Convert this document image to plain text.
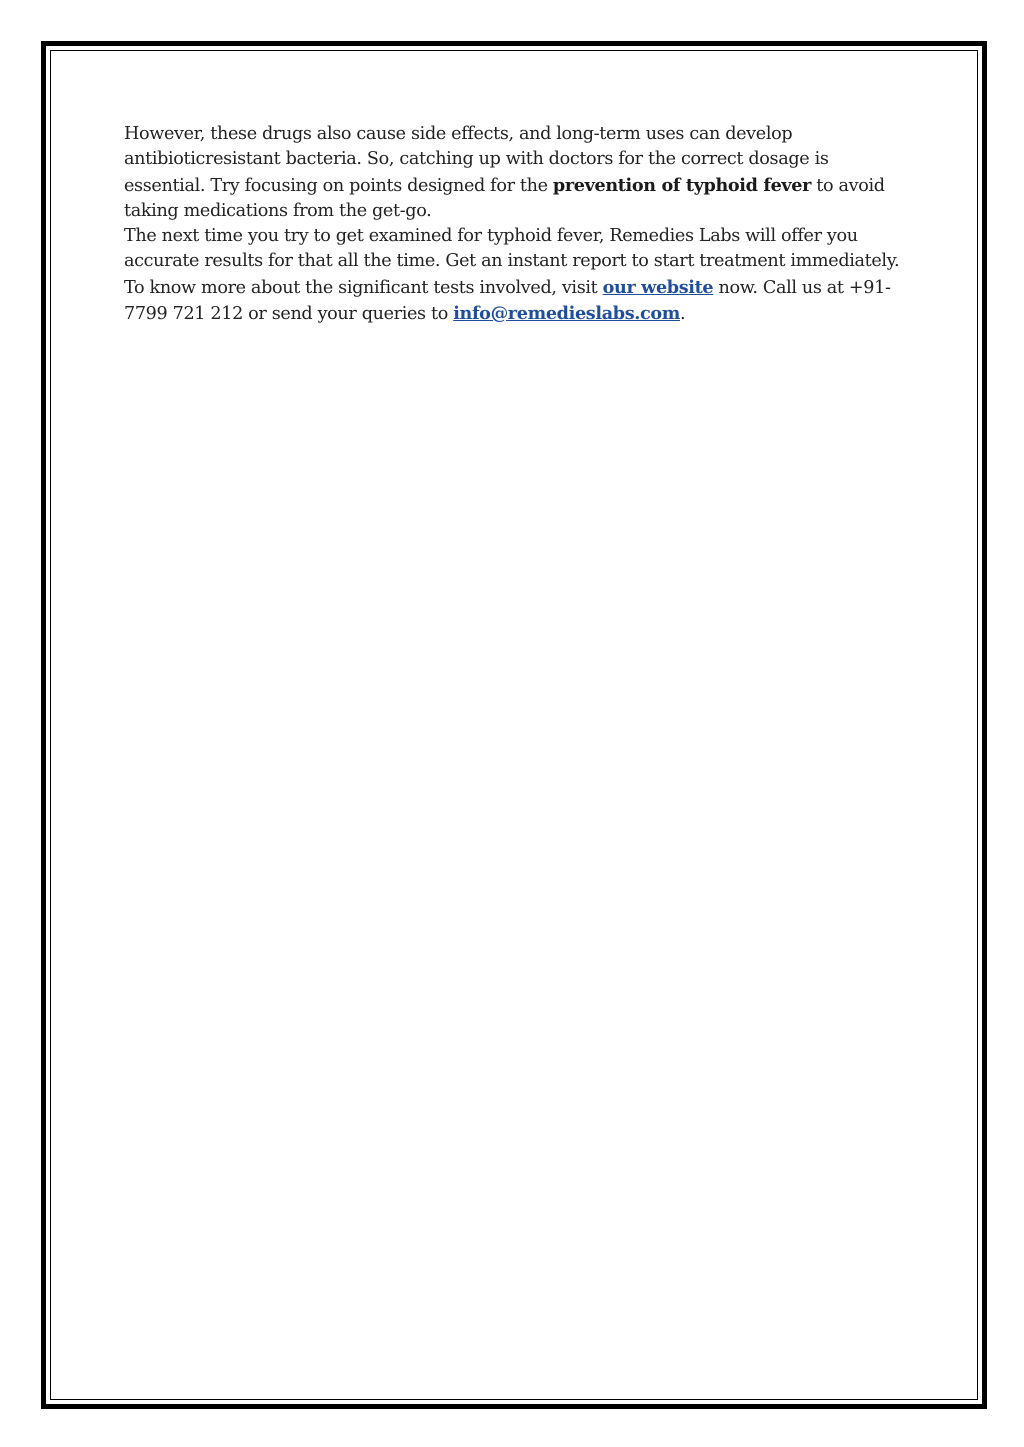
However, these drugs also cause side effects, and long-term uses can develop antibioticresistant bacteria. So, catching up with doctors for the correct dosage is essential. Try focusing on points designed for the prevention of typhoid fever to avoid taking medications from the get-go.

The next time you try to get examined for typhoid fever, Remedies Labs will offer you accurate results for that all the time. Get an instant report to start treatment immediately. To know more about the significant tests involved, visit our website now. Call us at +91-7799 721 212 or send your queries to info@remedieslabs.com.
